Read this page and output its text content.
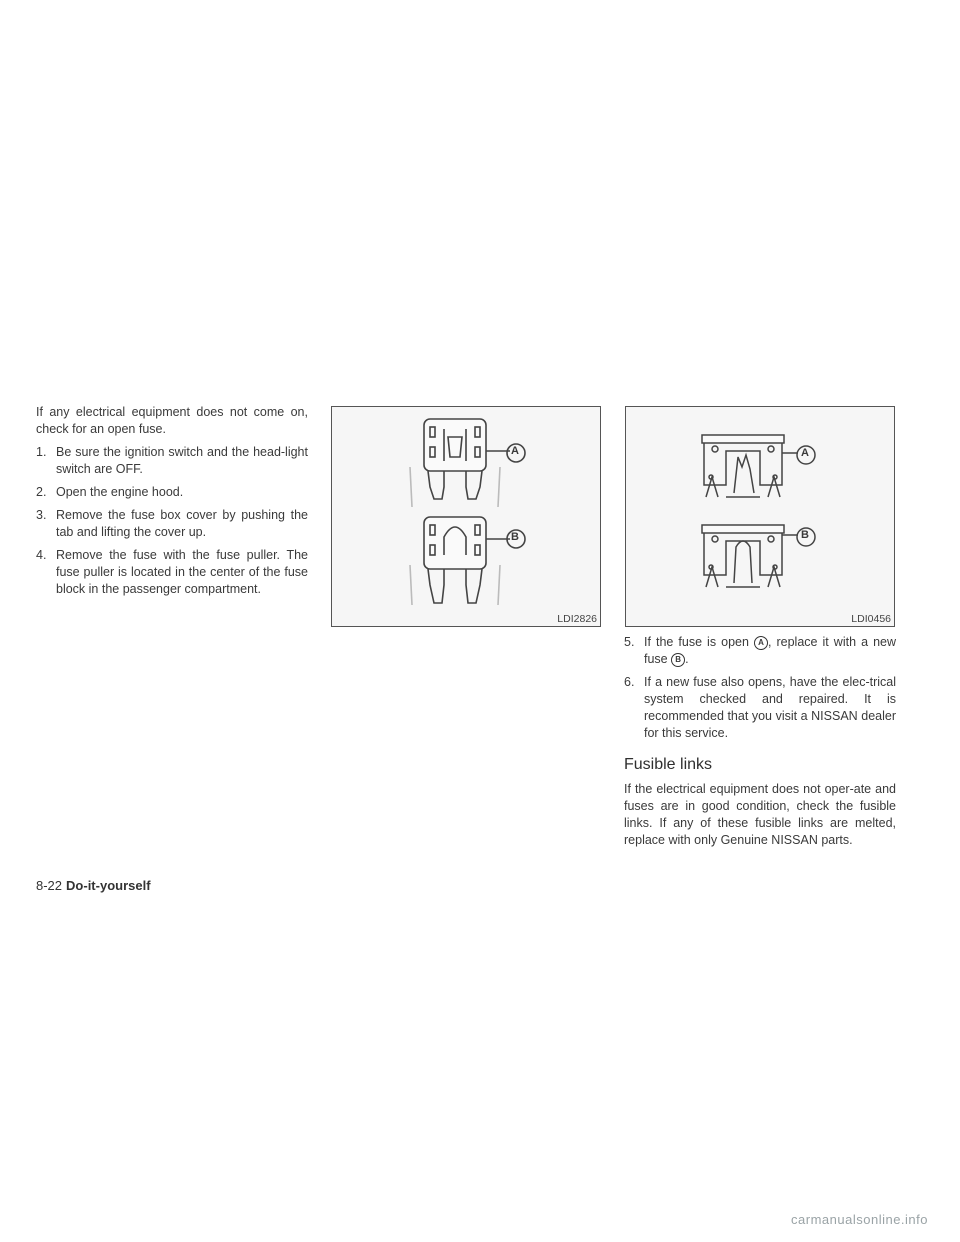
If any electrical equipment does not come on, check for an open fuse.

1. Be sure the ignition switch and the head-light switch are OFF.
2. Open the engine hood.
3. Remove the fuse box cover by pushing the tab and lifting the cover up.
4. Remove the fuse with the fuse puller. The fuse puller is located in the center of the fuse block in the passenger compartment.
A
B
LDI2826
A
B
LDI0456
5. If the fuse is open A , replace it with a new fuse B .
6. If a new fuse also opens, have the elec-trical system checked and repaired. It is recommended that you visit a NISSAN dealer for this service.
Fusible links

If the electrical equipment does not oper-ate and fuses are in good condition, check the fusible links. If any of these fusible links are melted, replace with only Genuine NISSAN parts.

8-22 Do-it-yourself
carmanualsonline.info
